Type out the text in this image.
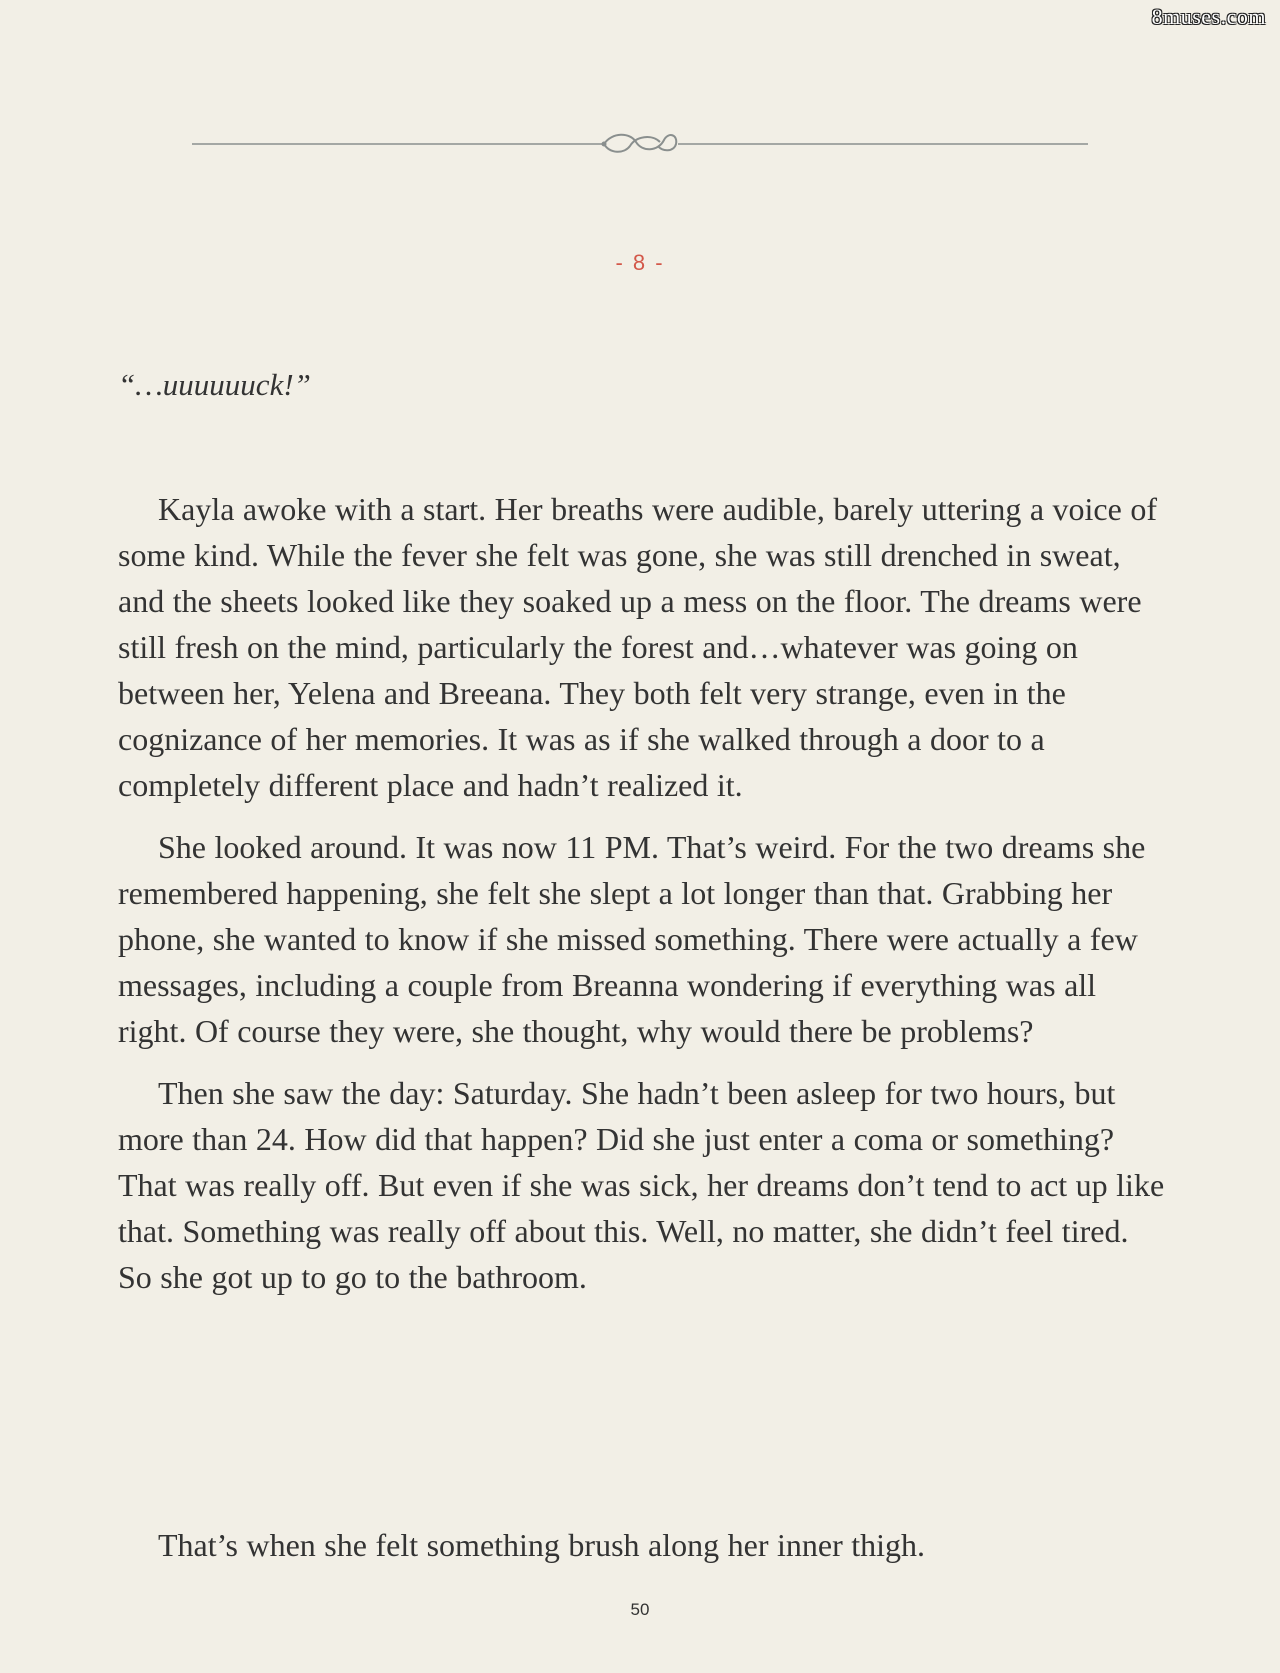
8muses.com
- 8 -
“…uuuuuuck!”

Kayla awoke with a start. Her breaths were audible, barely uttering a voice of some kind. While the fever she felt was gone, she was still drenched in sweat, and the sheets looked like they soaked up a mess on the floor. The dreams were still fresh on the mind, particularly the forest and…whatever was going on between her, Yelena and Breeana. They both felt very strange, even in the cognizance of her memories. It was as if she walked through a door to a completely different place and hadn’t realized it.

She looked around. It was now 11 PM. That’s weird. For the two dreams she remembered happening, she felt she slept a lot longer than that. Grabbing her phone, she wanted to know if she missed something. There were actually a few messages, including a couple from Breanna wondering if everything was all right. Of course they were, she thought, why would there be problems?

Then she saw the day: Saturday. She hadn’t been asleep for two hours, but more than 24. How did that happen? Did she just enter a coma or something? That was really off. But even if she was sick, her dreams don’t tend to act up like that. Something was really off about this. Well, no matter, she didn’t feel tired. So she got up to go to the bathroom.

That’s when she felt something brush along her inner thigh.

50
